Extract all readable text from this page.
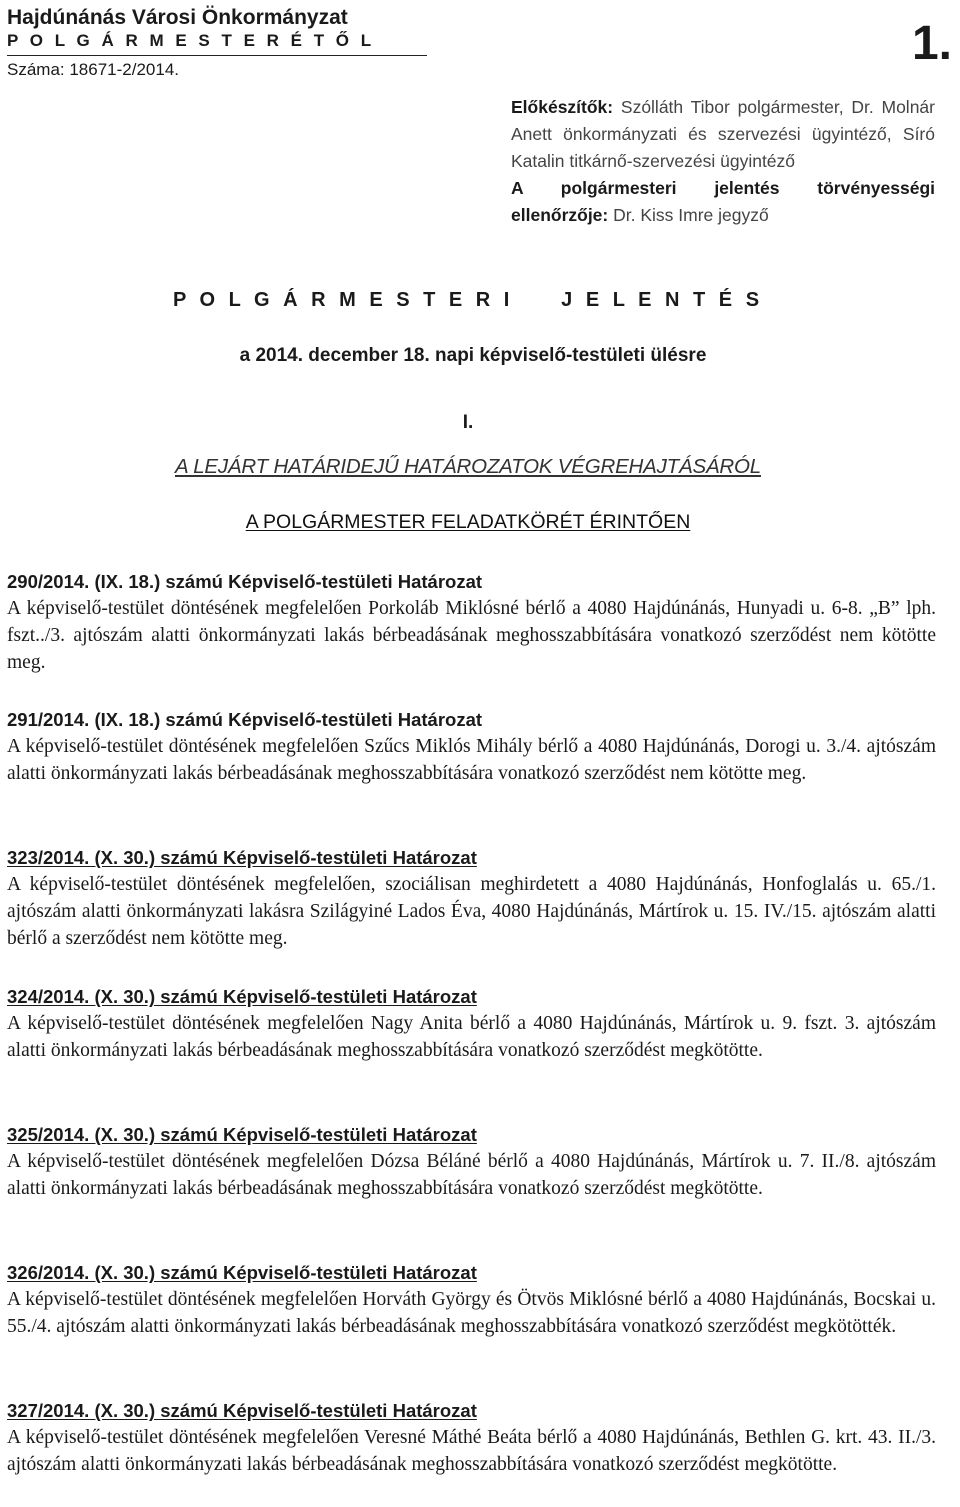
Hajdúnánás Városi Önkormányzat

P O L G Á R M E S T E R É T Ő L

Száma: 18671-2/2014.	1.

Előkészítők: Szólláth Tibor polgármester, Dr. Molnár Anett önkormányzati és szervezési ügyintéző, Síró Katalin titkárnő-szervezési ügyintéző

A polgármesteri jelentés törvényességi ellenőrzője: Dr. Kiss Imre jegyző

P O L G Á R M E S T E R I     J E L E N T É S

a 2014. december 18. napi képviselő-testületi ülésre

I.

A LEJÁRT HATÁRIDEJŰ HATÁROZATOK VÉGREHAJTÁSÁRÓL

A POLGÁRMESTER FELADATKÖRÉT ÉRINTŐEN

290/2014. (IX. 18.) számú Képviselő-testületi Határozat

A képviselő-testület döntésének megfelelően Porkoláb Miklósné bérlő a 4080 Hajdúnánás, Hunyadi u. 6-8. „B” lph. fszt../3. ajtószám alatti önkormányzati lakás bérbeadásának meghosszabbítására vonatkozó szerződést nem kötötte meg.

291/2014. (IX. 18.) számú Képviselő-testületi Határozat

A képviselő-testület döntésének megfelelően Szűcs Miklós Mihály bérlő a 4080 Hajdúnánás, Dorogi u. 3./4. ajtószám alatti önkormányzati lakás bérbeadásának meghosszabbítására vonatkozó szerződést nem kötötte meg.

323/2014. (X. 30.) számú Képviselő-testületi Határozat

A képviselő-testület döntésének megfelelően, szociálisan meghirdetett a 4080 Hajdúnánás, Honfoglalás u. 65./1. ajtószám alatti önkormányzati lakásra Szilágyiné Lados Éva, 4080 Hajdúnánás, Mártírok u. 15. IV./15. ajtószám alatti bérlő a szerződést nem kötötte meg.

324/2014. (X. 30.) számú Képviselő-testületi Határozat

A képviselő-testület döntésének megfelelően Nagy Anita bérlő a 4080 Hajdúnánás, Mártírok u. 9. fszt. 3. ajtószám alatti önkormányzati lakás bérbeadásának meghosszabbítására vonatkozó szerződést megkötötte.

325/2014. (X. 30.) számú Képviselő-testületi Határozat

A képviselő-testület döntésének megfelelően Dózsa Béláné bérlő a 4080 Hajdúnánás, Mártírok u. 7. II./8. ajtószám alatti önkormányzati lakás bérbeadásának meghosszabbítására vonatkozó szerződést megkötötte.

326/2014. (X. 30.) számú Képviselő-testületi Határozat

A képviselő-testület döntésének megfelelően Horváth György és Ötvös Miklósné bérlő a 4080 Hajdúnánás, Bocskai u. 55./4. ajtószám alatti önkormányzati lakás bérbeadásának meghosszabbítására vonatkozó szerződést megkötötték.

327/2014. (X. 30.) számú Képviselő-testületi Határozat

A képviselő-testület döntésének megfelelően Veresné Máthé Beáta bérlő a 4080 Hajdúnánás, Bethlen G. krt. 43. II./3. ajtószám alatti önkormányzati lakás bérbeadásának meghosszabbítására vonatkozó szerződést megkötötte.
